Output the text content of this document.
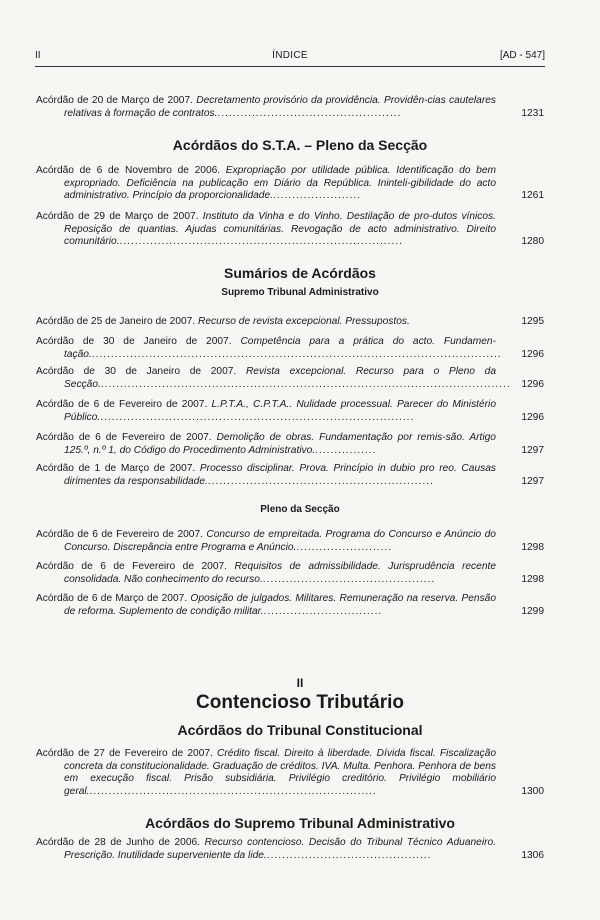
II	ÍNDICE	[AD - 547]
Acórdão de 20 de Março de 2007. Decretamento provisório da providência. Providên-cias cautelares relativas à formação de contratos.................................................	1231
Acórdãos do S.T.A. – Pleno da Secção
Acórdão de 6 de Novembro de 2006. Expropriação por utilidade pública. Identificação do bem expropriado. Deficiência na publicação em Diário da República. Ininteli-gibilidade do acto administrativo. Princípio da proporcionalidade........................	1261
Acórdão de 29 de Março de 2007. Instituto da Vinha e do Vinho. Destilação de pro-dutos vínicos. Reposição de quantias. Ajudas comunitárias. Revogação de acto administrativo. Direito comunitário...........................................................................	1280
Sumários de Acórdãos
Supremo Tribunal Administrativo
Acórdão de 25 de Janeiro de 2007. Recurso de revista excepcional. Pressupostos.	1295
Acórdão de 30 de Janeiro de 2007. Competência para a prática do acto. Fundamen-tação............................................................................................................ 1296
Acórdão de 30 de Janeiro de 2007. Revista excepcional. Recurso para o Pleno da Secção............................................................................................................ 1296
Acórdão de 6 de Fevereiro de 2007. L.P.T.A., C.P.T.A.. Nulidade processual. Parecer do Ministério Público...................................................................................	1296
Acórdão de 6 de Fevereiro de 2007. Demolição de obras. Fundamentação por remis-são. Artigo 125.º, n.º 1, do Código do Procedimento Administrativo.................	1297
Acórdão de 1 de Março de 2007. Processo disciplinar. Prova. Princípio in dubio pro reo. Causas dirimentes da responsabilidade............................................................	1297
Pleno da Secção
Acórdão de 6 de Fevereiro de 2007. Concurso de empreitada. Programa do Concurso e Anúncio do Concurso. Discrepância entre Programa e Anúncio..........................	1298
Acórdão de 6 de Fevereiro de 2007. Requisitos de admissibilidade. Jurisprudência recente consolidada. Não conhecimento do recurso..............................................	1298
Acórdão de 6 de Março de 2007. Oposição de julgados. Militares. Remuneração na reserva. Pensão de reforma. Suplemento de condição militar................................	1299
II
Contencioso Tributário
Acórdãos do Tribunal Constitucional
Acórdão de 27 de Fevereiro de 2007. Crédito fiscal. Direito à liberdade. Dívida fiscal. Fiscalização concreta da constitucionalidade. Graduação de créditos. IVA. Multa. Penhora. Penhora de bens em execução fiscal. Prisão subsidiária. Privilégio creditório. Privilégio mobiliário geral............................................................................	1300
Acórdãos do Supremo Tribunal Administrativo
Acórdão de 28 de Junho de 2006. Recurso contencioso. Decisão do Tribunal Técnico Aduaneiro. Prescrição. Inutilidade superveniente da lide............................................	1306
